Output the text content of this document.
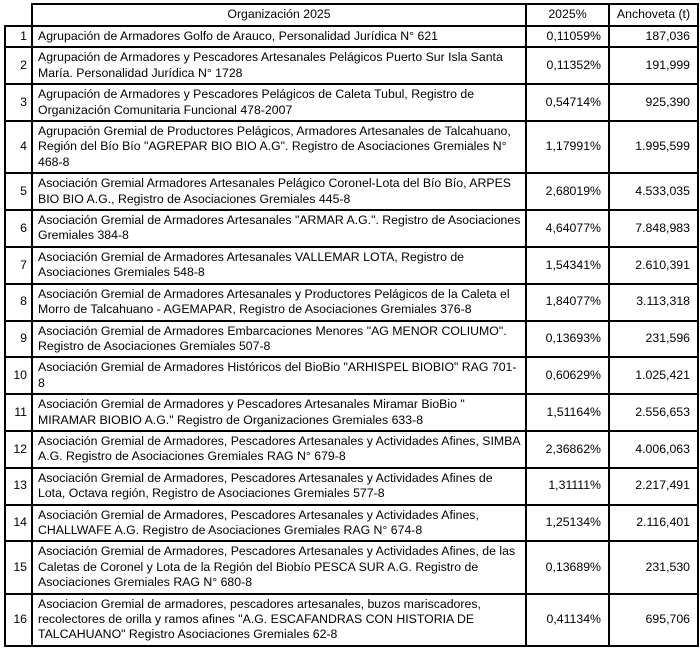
	Organización 2025	2025%	Anchoveta (t)
1	Agrupación de Armadores Golfo de Arauco, Personalidad Jurídica N° 621	0,11059%	187,036
2	Agrupación de Armadores y Pescadores Artesanales Pelágicos Puerto Sur Isla Santa María. Personalidad Jurídica N° 1728	0,11352%	191,999
3	Agrupación de Armadores y Pescadores Pelágicos de Caleta Tubul, Registro de Organización Comunitaria Funcional 478-2007	0,54714%	925,390
4	Agrupación Gremial de Productores Pelágicos, Armadores Artesanales de Talcahuano, Región del Bío Bío "AGREPAR BIO BIO A.G". Registro de Asociaciones Gremiales N° 468-8	1,17991%	1.995,599
5	Asociación Gremial Armadores Artesanales Pelágico Coronel-Lota del Bío Bío, ARPES BIO BIO A.G., Registro de Asociaciones Gremiales 445-8	2,68019%	4.533,035
6	Asociación Gremial de Armadores Artesanales "ARMAR A.G.". Registro de Asociaciones Gremiales 384-8	4,64077%	7.848,983
7	Asociación Gremial de Armadores Artesanales VALLEMAR LOTA, Registro de Asociaciones Gremiales 548-8	1,54341%	2.610,391
8	Asociación Gremial de Armadores Artesanales y Productores Pelágicos de la Caleta el Morro de Talcahuano - AGEMAPAR, Registro de Asociaciones Gremiales 376-8	1,84077%	3.113,318
9	Asociación Gremial de Armadores Embarcaciones Menores "AG MENOR COLIUMO". Registro de Asociaciones Gremiales 507-8	0,13693%	231,596
10	Asociación Gremial de Armadores Históricos del BioBio "ARHISPEL BIOBIO" RAG 701-8	0,60629%	1.025,421
11	Asociación Gremial de Armadores y Pescadores Artesanales Miramar BioBio " MIRAMAR BIOBIO A.G." Registro de Organizaciones Gremiales 633-8	1,51164%	2.556,653
12	Asociación Gremial de Armadores, Pescadores Artesanales y Actividades Afines, SIMBA A.G. Registro de Asociaciones Gremiales RAG N° 679-8	2,36862%	4.006,063
13	Asociación Gremial de Armadores, Pescadores Artesanales y Actividades Afines de Lota, Octava región, Registro de Asociaciones Gremiales 577-8	1,31111%	2.217,491
14	Asociación Gremial de Armadores, Pescadores Artesanales y Actividades Afines, CHALLWAFE A.G. Registro de Asociaciones Gremiales RAG N° 674-8	1,25134%	2.116,401
15	Asociación Gremial de Armadores, Pescadores Artesanales y Actividades Afines, de las Caletas de Coronel y Lota de la Región del Biobío PESCA SUR A.G. Registro de Asociaciones Gremiales RAG N° 680-8	0,13689%	231,530
16	Asociacion Gremial de armadores, pescadores artesanales, buzos mariscadores, recolectores de orilla y ramos afines "A.G. ESCAFANDRAS CON HISTORIA DE TALCAHUANO" Registro Asociaciones Gremiales 62-8	0,41134%	695,706
